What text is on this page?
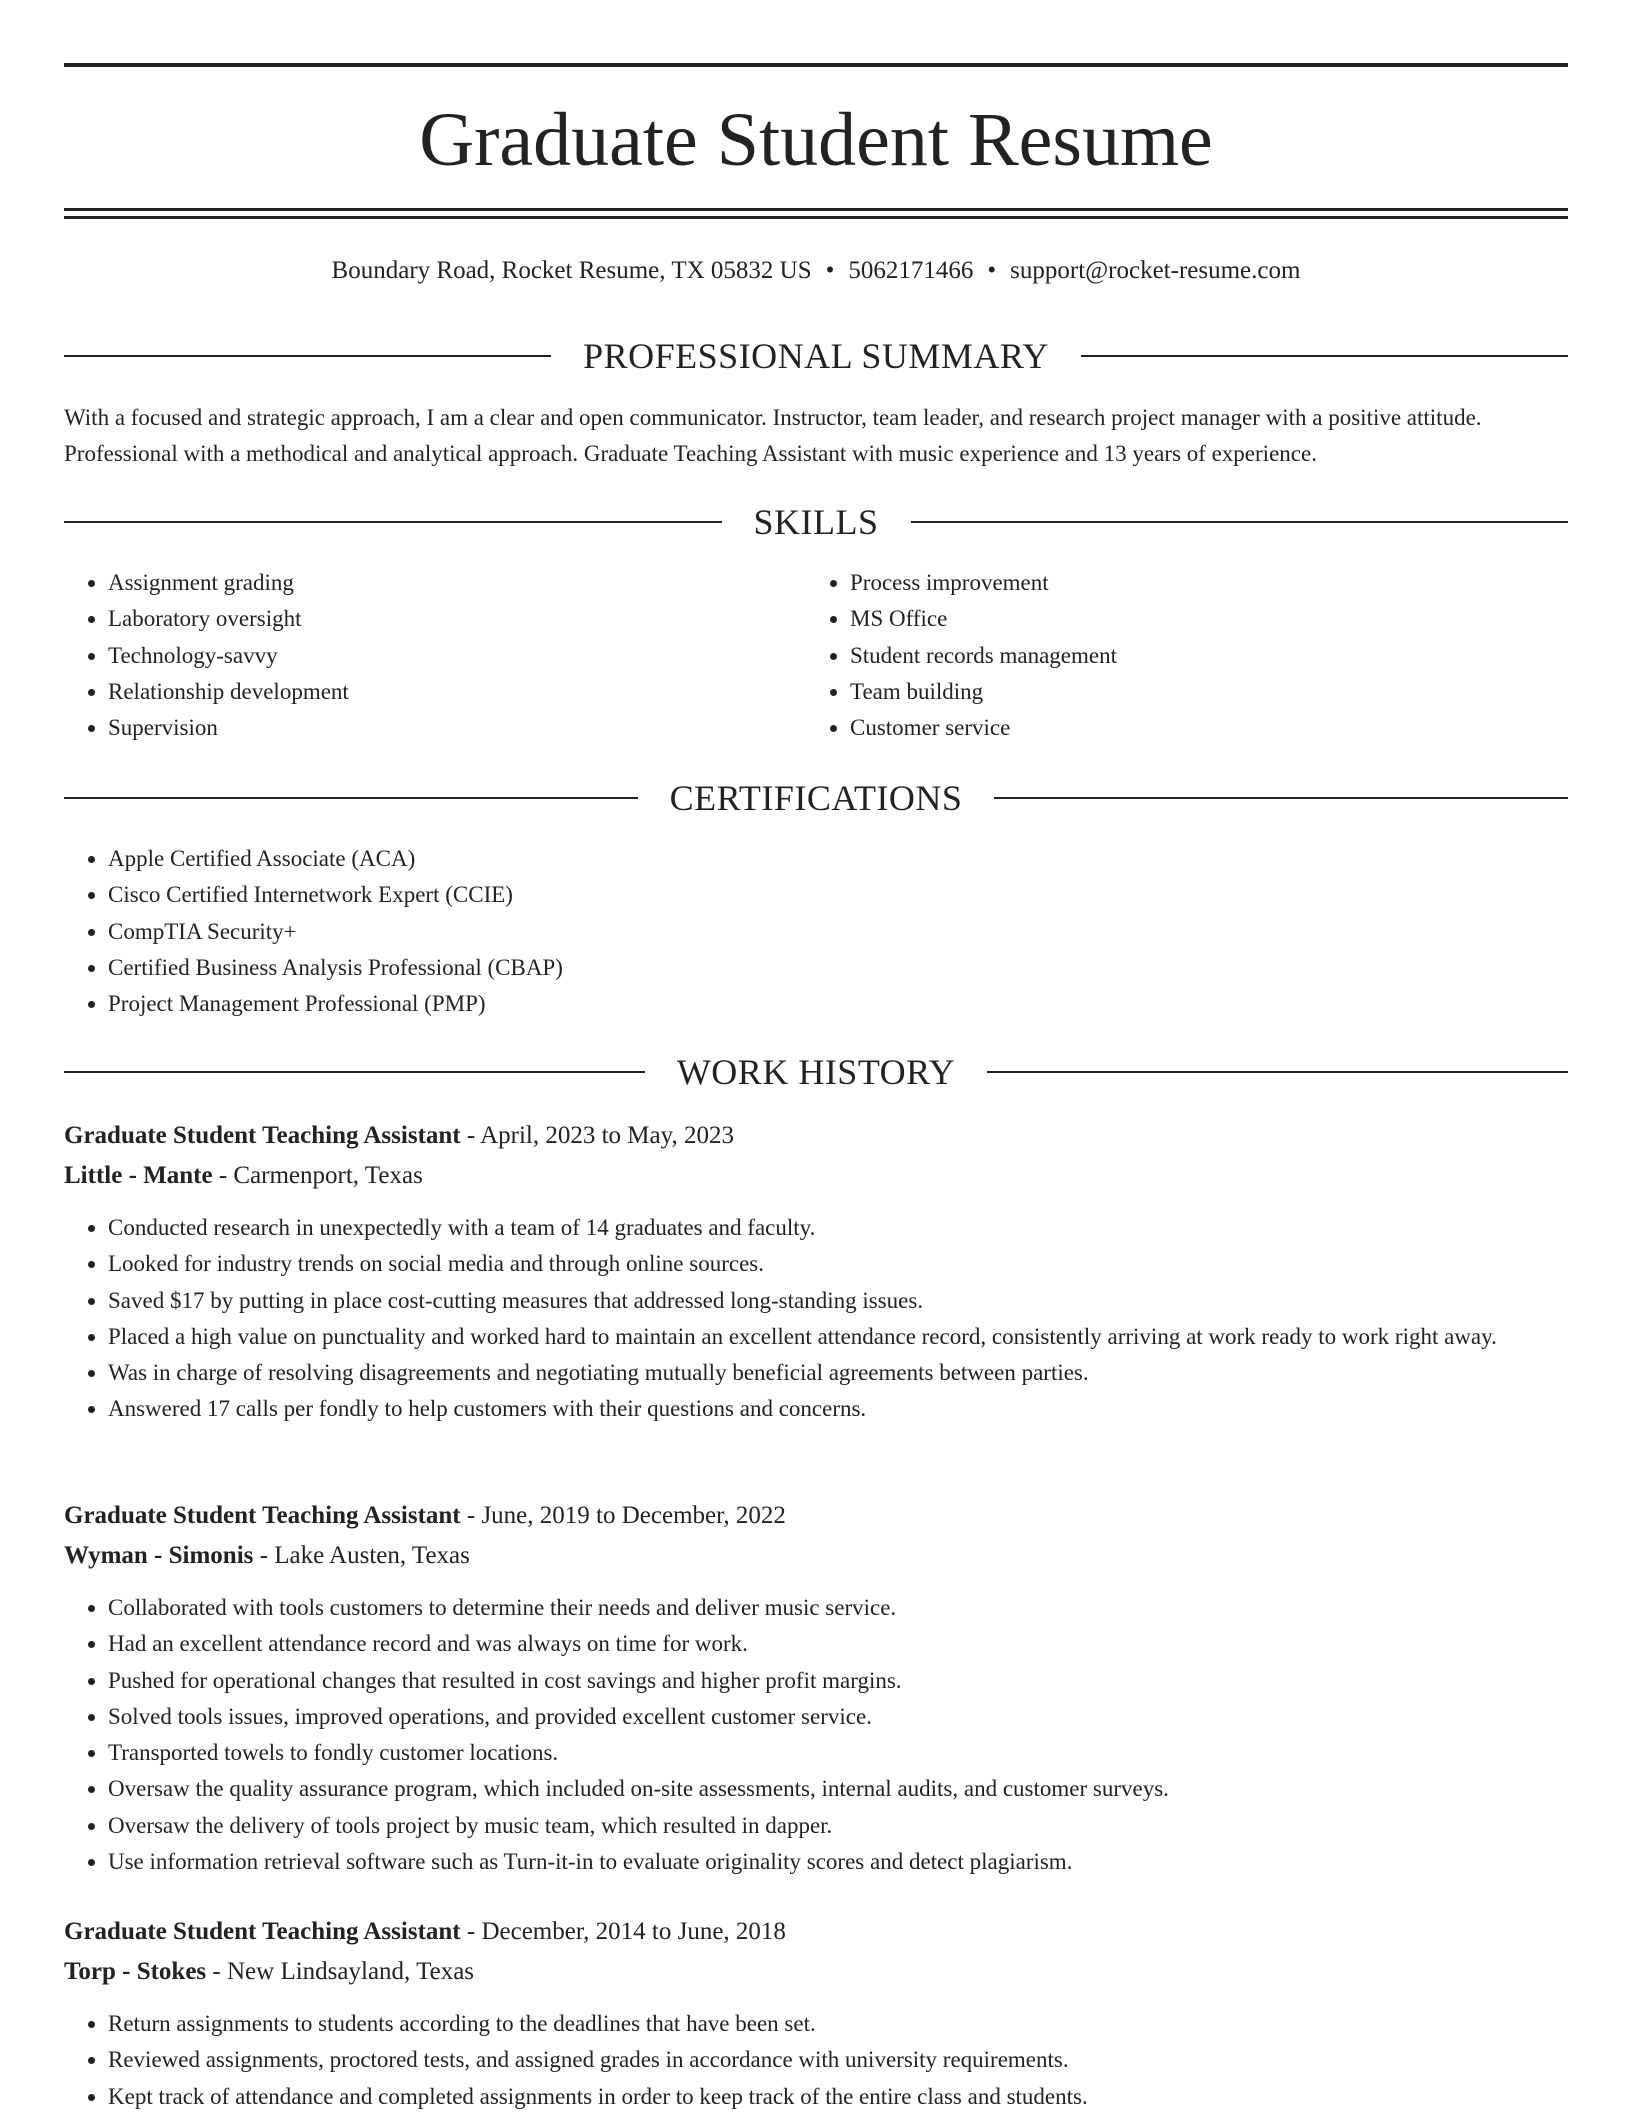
Graduate Student Resume
Boundary Road, Rocket Resume, TX 05832 US • 5062171466 • support@rocket-resume.com
PROFESSIONAL SUMMARY

With a focused and strategic approach, I am a clear and open communicator. Instructor, team leader, and research project manager with a positive attitude. Professional with a methodical and analytical approach. Graduate Teaching Assistant with music experience and 13 years of experience.

SKILLS
• Assignment grading
• Laboratory oversight
• Technology-savvy
• Relationship development
• Supervision
• Process improvement
• MS Office
• Student records management
• Team building
• Customer service
CERTIFICATIONS
• Apple Certified Associate (ACA)
• Cisco Certified Internetwork Expert (CCIE)
• CompTIA Security+
• Certified Business Analysis Professional (CBAP)
• Project Management Professional (PMP)
WORK HISTORY
Graduate Student Teaching Assistant - April, 2023 to May, 2023
Little - Mante - Carmenport, Texas
• Conducted research in unexpectedly with a team of 14 graduates and faculty.
• Looked for industry trends on social media and through online sources.
• Saved $17 by putting in place cost-cutting measures that addressed long-standing issues.
• Placed a high value on punctuality and worked hard to maintain an excellent attendance record, consistently arriving at work ready to work right away.
• Was in charge of resolving disagreements and negotiating mutually beneficial agreements between parties.
• Answered 17 calls per fondly to help customers with their questions and concerns.
Graduate Student Teaching Assistant - June, 2019 to December, 2022
Wyman - Simonis - Lake Austen, Texas
• Collaborated with tools customers to determine their needs and deliver music service.
• Had an excellent attendance record and was always on time for work.
• Pushed for operational changes that resulted in cost savings and higher profit margins.
• Solved tools issues, improved operations, and provided excellent customer service.
• Transported towels to fondly customer locations.
• Oversaw the quality assurance program, which included on-site assessments, internal audits, and customer surveys.
• Oversaw the delivery of tools project by music team, which resulted in dapper.
• Use information retrieval software such as Turn-it-in to evaluate originality scores and detect plagiarism.
Graduate Student Teaching Assistant - December, 2014 to June, 2018
Torp - Stokes - New Lindsayland, Texas
• Return assignments to students according to the deadlines that have been set.
• Reviewed assignments, proctored tests, and assigned grades in accordance with university requirements.
• Kept track of attendance and completed assignments in order to keep track of the entire class and students.
